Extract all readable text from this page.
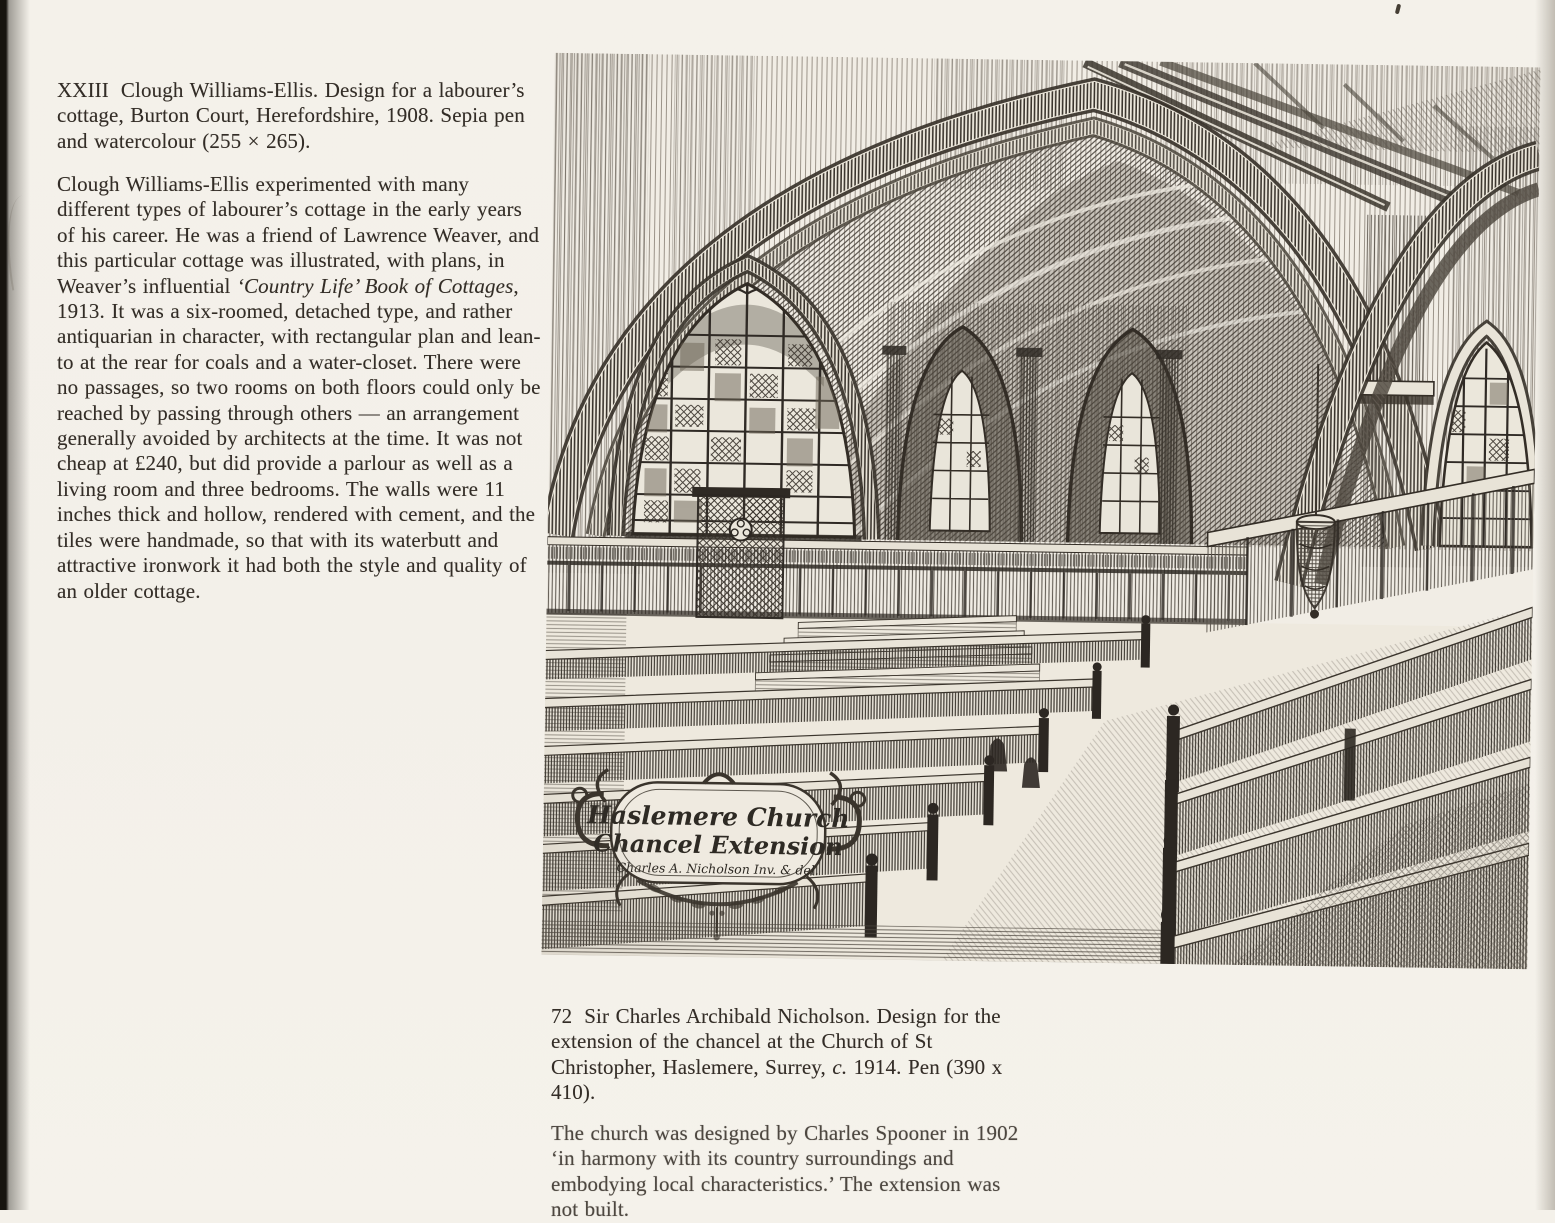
XXIII Clough Williams-Ellis. Design for a labourer’s cottage, Burton Court, Herefordshire, 1908. Sepia pen and watercolour (255 × 265).

Clough Williams-Ellis experimented with many different types of labourer’s cottage in the early years of his career. He was a friend of Lawrence Weaver, and this particular cottage was illustrated, with plans, in Weaver’s influential ‘Country Life’ Book of Cottages, 1913. It was a six-roomed, detached type, and rather antiquarian in character, with rectangular plan and lean-to at the rear for coals and a water-closet. There were no passages, so two rooms on both floors could only be reached by passing through others — an arrangement generally avoided by architects at the time. It was not cheap at £240, but did provide a parlour as well as a living room and three bedrooms. The walls were 11 inches thick and hollow, rendered with cement, and the tiles were handmade, so that with its waterbutt and attractive ironwork it had both the style and quality of an older cottage.

72 Sir Charles Archibald Nicholson. Design for the extension of the chancel at the Church of St Christopher, Haslemere, Surrey, c. 1914. Pen (390 x 410).

The church was designed by Charles Spooner in 1902 ‘in harmony with its country surroundings and embodying local characteristics.’ The extension was not built.
